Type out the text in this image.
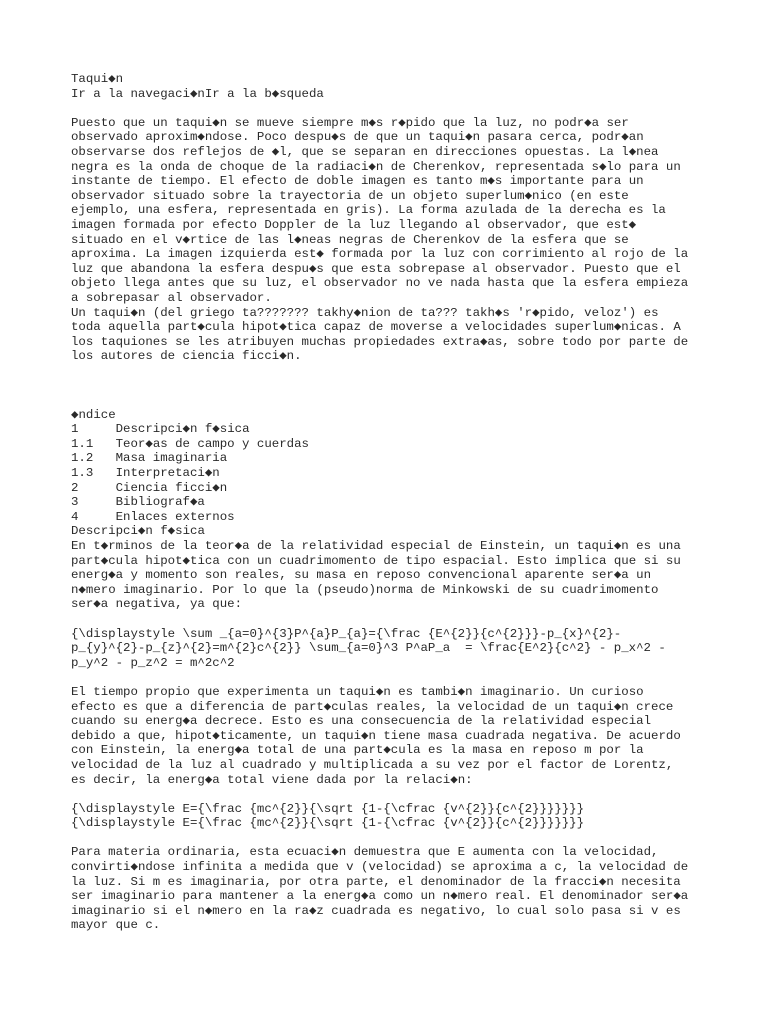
Taqui◆n
Ir a la navegaci◆nIr a la b◆squeda
Puesto que un taqui◆n se mueve siempre m◆s r◆pido que la luz, no podr◆a ser
observado aproxim◆ndose. Poco despu◆s de que un taqui◆n pasara cerca, podr◆an
observarse dos reflejos de ◆l, que se separan en direcciones opuestas. La l◆nea
negra es la onda de choque de la radiaci◆n de Cherenkov, representada s◆lo para un
instante de tiempo. El efecto de doble imagen es tanto m◆s importante para un
observador situado sobre la trayectoria de un objeto superlum◆nico (en este
ejemplo, una esfera, representada en gris). La forma azulada de la derecha es la
imagen formada por efecto Doppler de la luz llegando al observador, que est◆
situado en el v◆rtice de las l◆neas negras de Cherenkov de la esfera que se
aproxima. La imagen izquierda est◆ formada por la luz con corrimiento al rojo de la
luz que abandona la esfera despu◆s que esta sobrepase al observador. Puesto que el
objeto llega antes que su luz, el observador no ve nada hasta que la esfera empieza
a sobrepasar al observador.
Un taqui◆n (del griego ta??????? takhy◆nion de ta??? takh◆s 'r◆pido, veloz') es
toda aquella part◆cula hipot◆tica capaz de moverse a velocidades superlum◆nicas. A
los taquiones se les atribuyen muchas propiedades extra◆as, sobre todo por parte de
los autores de ciencia ficci◆n.
◆ndice
1     Descripci◆n f◆sica
1.1   Teor◆as de campo y cuerdas
1.2   Masa imaginaria
1.3   Interpretaci◆n
2     Ciencia ficci◆n
3     Bibliograf◆a
4     Enlaces externos
Descripci◆n f◆sica
En t◆rminos de la teor◆a de la relatividad especial de Einstein, un taqui◆n es una
part◆cula hipot◆tica con un cuadrimomento de tipo espacial. Esto implica que si su
energ◆a y momento son reales, su masa en reposo convencional aparente ser◆a un
n◆mero imaginario. Por lo que la (pseudo)norma de Minkowski de su cuadrimomento
ser◆a negativa, ya que:
{\displaystyle \sum _{a=0}^{3}P^{a}P_{a}={\frac {E^{2}}{c^{2}}}-p_{x}^{2}-
p_{y}^{2}-p_{z}^{2}=m^{2}c^{2}} \sum_{a=0}^3 P^aP_a  = \frac{E^2}{c^2} - p_x^2 -
p_y^2 - p_z^2 = m^2c^2
El tiempo propio que experimenta un taqui◆n es tambi◆n imaginario. Un curioso
efecto es que a diferencia de part◆culas reales, la velocidad de un taqui◆n crece
cuando su energ◆a decrece. Esto es una consecuencia de la relatividad especial
debido a que, hipot◆ticamente, un taqui◆n tiene masa cuadrada negativa. De acuerdo
con Einstein, la energ◆a total de una part◆cula es la masa en reposo m por la
velocidad de la luz al cuadrado y multiplicada a su vez por el factor de Lorentz,
es decir, la energ◆a total viene dada por la relaci◆n:
{\displaystyle E={\frac {mc^{2}}{\sqrt {1-{\cfrac {v^{2}}{c^{2}}}}}}}
{\displaystyle E={\frac {mc^{2}}{\sqrt {1-{\cfrac {v^{2}}{c^{2}}}}}}}
Para materia ordinaria, esta ecuaci◆n demuestra que E aumenta con la velocidad,
convirti◆ndose infinita a medida que v (velocidad) se aproxima a c, la velocidad de
la luz. Si m es imaginaria, por otra parte, el denominador de la fracci◆n necesita
ser imaginario para mantener a la energ◆a como un n◆mero real. El denominador ser◆a
imaginario si el n◆mero en la ra◆z cuadrada es negativo, lo cual solo pasa si v es
mayor que c.
